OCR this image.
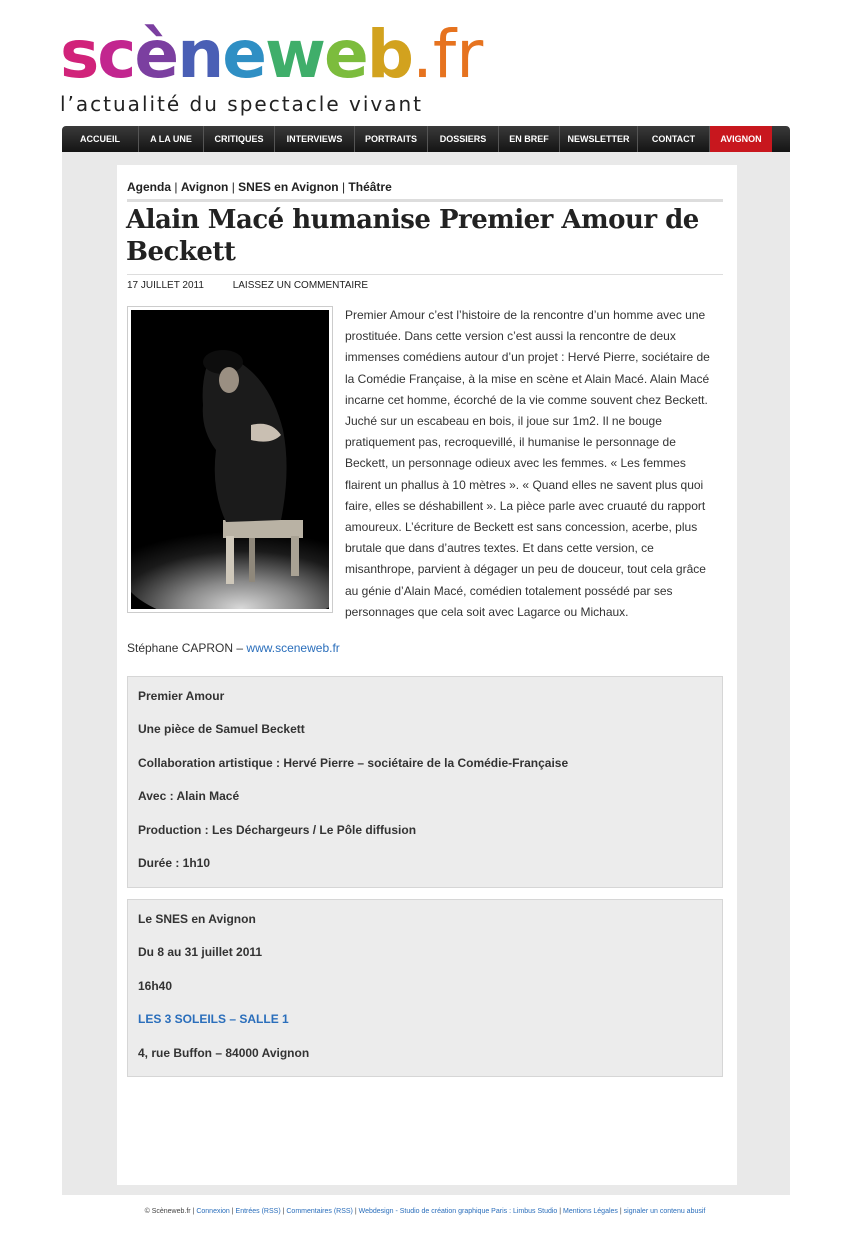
scèneweb.fr
l’actualité du spectacle vivant
ACCUEIL	A LA UNE	CRITIQUES	INTERVIEWS	PORTRAITS	DOSSIERS	EN BREF	NEWSLETTER	CONTACT	AVIGNON
Agenda | Avignon | SNES en Avignon | Théâtre
Alain Macé humanise Premier Amour de Beckett
17 JUILLET 2011	LAISSEZ UN COMMENTAIRE
Premier Amour c’est l’histoire de la rencontre d’un homme avec une
prostituée. Dans cette version c’est aussi la rencontre de deux
immenses comédiens autour d’un projet : Hervé Pierre, sociétaire de
la Comédie Française, à la mise en scène et Alain Macé. Alain Macé
incarne cet homme, écorché de la vie comme souvent chez Beckett.
Juché sur un escabeau en bois, il joue sur 1m2. Il ne bouge
pratiquement pas, recroquevillé, il humanise le personnage de
Beckett, un personnage odieux avec les femmes. « Les femmes
flairent un phallus à 10 mètres ». « Quand elles ne savent plus quoi
faire, elles se déshabillent ». La pièce parle avec cruauté du rapport
amoureux. L’écriture de Beckett est sans concession, acerbe, plus
brutale que dans d’autres textes. Et dans cette version, ce
misanthrope, parvient à dégager un peu de douceur, tout cela grâce
au génie d’Alain Macé, comédien totalement possédé par ses
personnages que cela soit avec Lagarce ou Michaux.
Stéphane CAPRON – www.sceneweb.fr
Premier Amour
Une pièce de Samuel Beckett
Collaboration artistique : Hervé Pierre – sociétaire de la Comédie-Française
Avec : Alain Macé
Production : Les Déchargeurs / Le Pôle diffusion
Durée : 1h10
Le SNES en Avignon
Du 8 au 31 juillet 2011
16h40
LES 3 SOLEILS – SALLE 1
4, rue Buffon – 84000 Avignon
© Scèneweb.fr | Connexion | Entrées (RSS) | Commentaires (RSS) | Webdesign - Studio de création graphique Paris : Limbus Studio | Mentions Légales | signaler un contenu abusif
